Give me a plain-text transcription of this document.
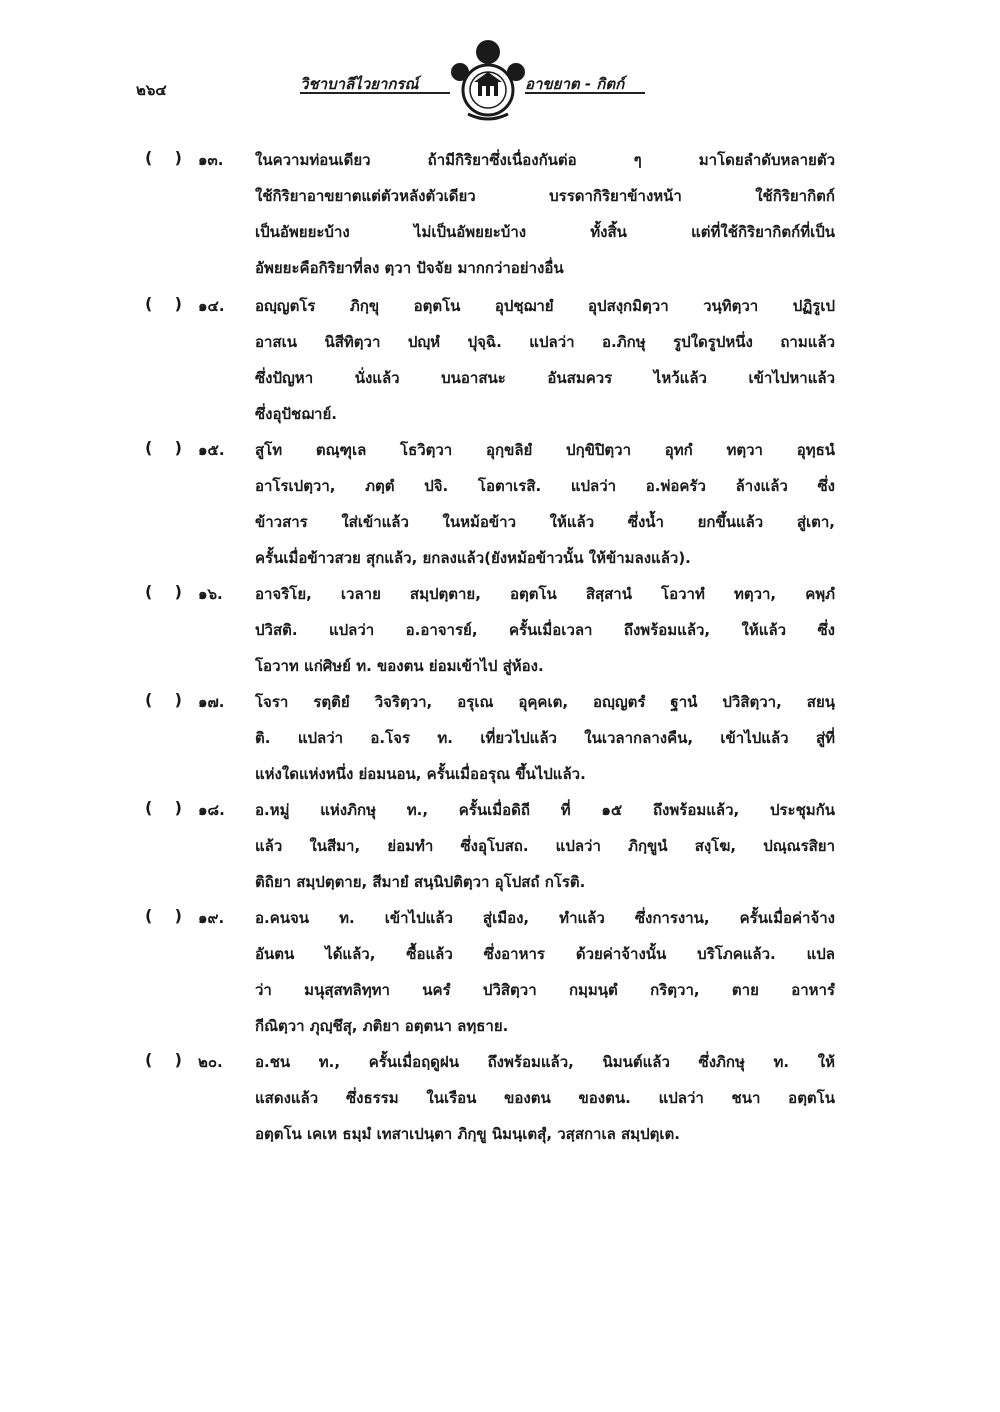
๒๖๔	วิชาบาลีไวยากรณ์	อาขยาต - กิตก์
(    ) ๑๓. ในความท่อนเดียว ถ้ามีกิริยาซึ่งเนื่องกันต่อ ๆ มาโดยลำดับหลายตัว
ใช้กิริยาอาขยาตแต่ตัวหลังตัวเดียว บรรดากิริยาข้างหน้า ใช้กิริยากิตก์
เป็นอัพยยะบ้าง ไม่เป็นอัพยยะบ้าง ทั้งสิ้น แต่ที่ใช้กิริยากิตก์ที่เป็น
อัพยยะคือกิริยาที่ลง ตฺวา ปัจจัย มากกว่าอย่างอื่น
(    ) ๑๔. อญฺญตโร ภิกฺขุ อตฺตโน อุปชฺฌายํ อุปสงฺกมิตฺวา วนฺทิตฺวา ปฏิรูเป
อาสเน นิสีทิตฺวา ปญฺหํ ปุจฺฉิ. แปลว่า อ.ภิกษุ รูปใดรูปหนึ่ง ถามแล้ว
ซึ่งปัญหา นั่งแล้ว บนอาสนะ อันสมควร ไหว้แล้ว เข้าไปหาแล้ว
ซึ่งอุปัชฌาย์.
(    ) ๑๕. สูโท ตณฺฑุเล โธวิตฺวา อุกฺขลิยํ ปกฺขิปิตฺวา อุทกํ ทตฺวา อุทฺธนํ
อาโรเปตฺวา, ภตฺตํ ปจิ. โอตาเรสิ. แปลว่า อ.พ่อครัว ล้างแล้ว ซึ่ง
ข้าวสาร ใส่เข้าแล้ว ในหม้อข้าว ให้แล้ว ซึ่งน้ำ ยกขึ้นแล้ว สู่เตา,
ครั้นเมื่อข้าวสวย สุกแล้ว, ยกลงแล้ว(ยังหม้อข้าวนั้น ให้ข้ามลงแล้ว).
(    ) ๑๖. อาจริโย, เวลาย สมฺปตฺตาย, อตฺตโน สิสฺสานํ โอวาทํ ทตฺวา, คพฺภํ
ปวิสติ. แปลว่า อ.อาจารย์, ครั้นเมื่อเวลา ถึงพร้อมแล้ว, ให้แล้ว ซึ่ง
โอวาท แก่ศิษย์ ท. ของตน ย่อมเข้าไป สู่ห้อง.
(    ) ๑๗. โจรา รตฺติยํ วิจริตฺวา, อรุเณ อุคฺคเต, อญฺญตรํ ฐานํ ปวิสิตฺวา, สยนฺ
ติ. แปลว่า อ.โจร ท. เที่ยวไปแล้ว ในเวลากลางคืน, เข้าไปแล้ว สู่ที่
แห่งใดแห่งหนึ่ง ย่อมนอน, ครั้นเมื่ออรุณ ขึ้นไปแล้ว.
(    ) ๑๘. อ.หมู่ แห่งภิกษุ ท., ครั้นเมื่อดิถี ที่ ๑๕ ถึงพร้อมแล้ว, ประชุมกัน
แล้ว ในสีมา, ย่อมทำ ซึ่งอุโบสถ. แปลว่า ภิกฺขูนํ สงฺโฆ, ปณฺณรสิยา
ติถิยา สมฺปตฺตาย, สีมายํ สนฺนิปติตฺวา อุโปสถํ กโรติ.
(    ) ๑๙. อ.คนจน ท. เข้าไปแล้ว สู่เมือง, ทำแล้ว ซึ่งการงาน, ครั้นเมื่อค่าจ้าง
อันตน ได้แล้ว, ซื้อแล้ว ซึ่งอาหาร ด้วยค่าจ้างนั้น บริโภคแล้ว. แปล
ว่า มนุสฺสทลิทฺทา นครํ ปวิสิตฺวา กมฺมนฺตํ กริตฺวา, ตาย อาหารํ
กีณิตฺวา ภุญฺชึสุ, ภติยา อตฺตนา ลทฺธาย.
(    ) ๒๐. อ.ชน ท., ครั้นเมื่อฤดูฝน ถึงพร้อมแล้ว, นิมนต์แล้ว ซึ่งภิกษุ ท. ให้
แสดงแล้ว ซึ่งธรรม ในเรือน ของตน ของตน. แปลว่า ชนา อตฺตโน
อตฺตโน เคเห ธมฺมํ เทสาเปนฺตา ภิกฺขู นิมนฺเตสุํ, วสฺสกาเล สมฺปตฺเต.
